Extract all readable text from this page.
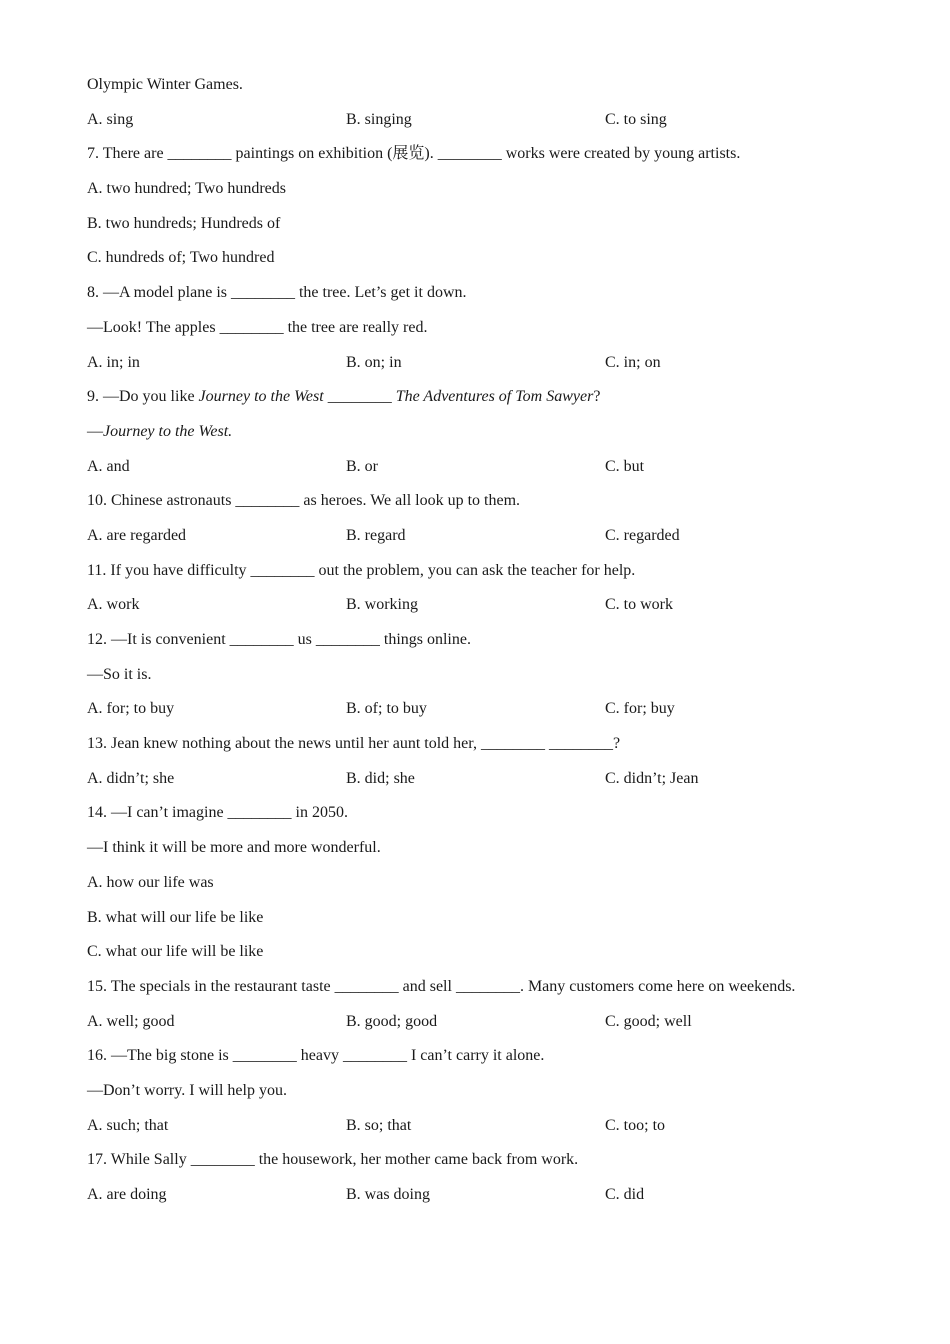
Olympic Winter Games.
A. sing	B. singing	C. to sing
7. There are ________ paintings on exhibition (展览). ________ works were created by young artists.
A. two hundred; Two hundreds
B. two hundreds; Hundreds of
C. hundreds of; Two hundred
8. —A model plane is ________ the tree. Let’s get it down.
—Look! The apples ________ the tree are really red.
A. in; in	B. on; in	C. in; on
9. —Do you like Journey to the West ________ The Adventures of Tom Sawyer?
—Journey to the West.
A. and	B. or	C. but
10. Chinese astronauts ________ as heroes. We all look up to them.
A. are regarded	B. regard	C. regarded
11. If you have difficulty ________ out the problem, you can ask the teacher for help.
A. work	B. working	C. to work
12. —It is convenient ________ us ________ things online.
—So it is.
A. for; to buy	B. of; to buy	C. for; buy
13. Jean knew nothing about the news until her aunt told her, ________ ________?
A. didn’t; she	B. did; she	C. didn’t; Jean
14. —I can’t imagine ________ in 2050.
—I think it will be more and more wonderful.
A. how our life was
B. what will our life be like
C. what our life will be like
15. The specials in the restaurant taste ________ and sell ________. Many customers come here on weekends.
A. well; good	B. good; good	C. good; well
16. —The big stone is ________ heavy ________ I can’t carry it alone.
—Don’t worry. I will help you.
A. such; that	B. so; that	C. too; to
17. While Sally ________ the housework, her mother came back from work.
A. are doing	B. was doing	C. did
